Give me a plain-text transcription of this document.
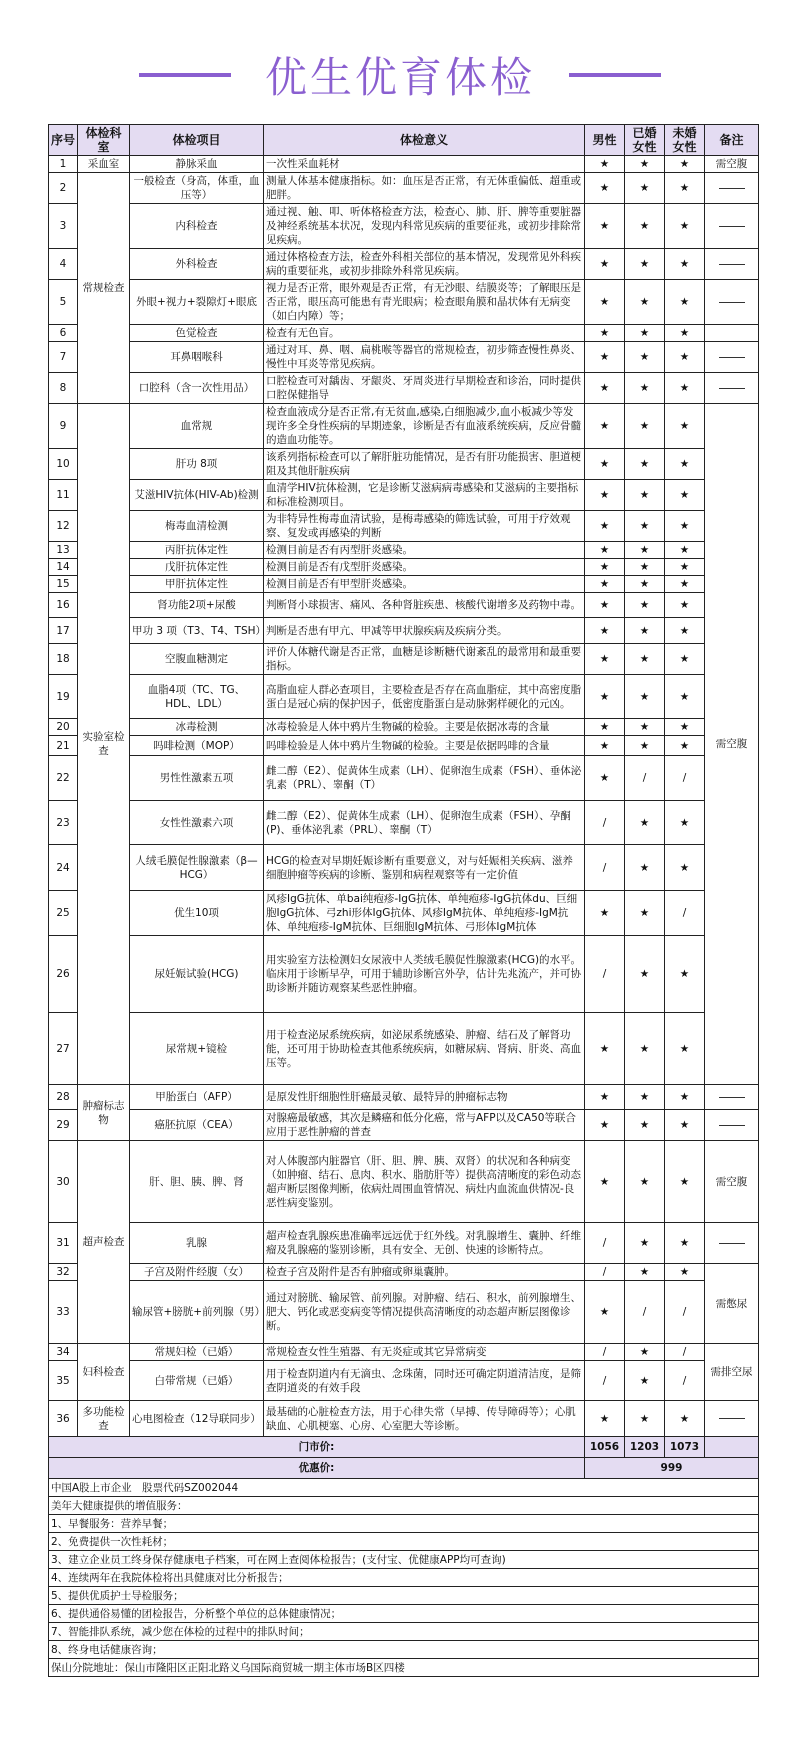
优生优育体检
序号	体检科室	体检项目	体检意义	男性	已婚女性	未婚女性	备注
1	采血室	静脉采血	一次性采血耗材	★	★	★	需空腹
2	常规检查	一般检查（身高，体重，血压等）	测量人体基本健康指标。如：血压是否正常，有无体重偏低、超重或肥胖。	★	★	★	

3		内科检查	通过视、触、叩、听体格检查方法，检查心、肺、肝、脾等重要脏器及神经系统基本状况，发现内科常见疾病的重要征兆，或初步排除常见疾病。	★	★	★	

4		外科检查	通过体格检查方法，检查外科相关部位的基本情况，发现常见外科疾病的重要征兆，或初步排除外科常见疾病。	★	★	★	

5		外眼+视力+裂隙灯+眼底	视力是否正常，眼外观是否正常，有无沙眼、结膜炎等；了解眼压是否正常，眼压高可能患有青光眼病；检查眼角膜和晶状体有无病变（如白内障）等；	★	★	★	

6		色觉检查	检查有无色盲。	★	★	★	
7		耳鼻咽喉科	通过对耳、鼻、咽、扁桃喉等器官的常规检查，初步筛查慢性鼻炎、慢性中耳炎等常见疾病。	★	★	★	

8		口腔科（含一次性用品）	口腔检查可对龋齿、牙龈炎、牙周炎进行早期检查和诊治，同时提供口腔保健指导	★	★	★	

9	实验室检查	血常规	检查血液成分是否正常,有无贫血,感染,白细胞减少,血小板减少等发现许多全身性疾病的早期迹象，诊断是否有血液系统疾病，反应骨髓的造血功能等。	★	★	★	需空腹
10		肝功 8项	该系列指标检查可以了解肝脏功能情况，是否有肝功能损害、胆道梗阻及其他肝脏疾病	★	★	★	
11		艾滋HIV抗体(HIV-Ab)检测	血清学HIV抗体检测，它是诊断艾滋病病毒感染和艾滋病的主要指标和标准检测项目。	★	★	★	
12		梅毒血清检测	为非特异性梅毒血清试验，是梅毒感染的筛选试验，可用于疗效观察、复发或再感染的判断	★	★	★	
13		丙肝抗体定性	检测目前是否有丙型肝炎感染。	★	★	★	
14		戊肝抗体定性	检测目前是否有戊型肝炎感染。	★	★	★	
15		甲肝抗体定性	检测目前是否有甲型肝炎感染。	★	★	★	
16		肾功能2项+尿酸	判断肾小球损害、痛风、各种肾脏疾患、核酸代谢增多及药物中毒。	★	★	★	
17		甲功 3 项（T3、T4、TSH）	判断是否患有甲亢、甲减等甲状腺疾病及疾病分类。	★	★	★	
18		空腹血糖测定	评价人体糖代谢是否正常，血糖是诊断糖代谢紊乱的最常用和最重要指标。	★	★	★	
19		血脂4项（TC、TG、HDL、LDL）	高脂血症人群必查项目，主要检查是否存在高血脂症，其中高密度脂蛋白是冠心病的保护因子，低密度脂蛋白是动脉粥样硬化的元凶。	★	★	★	
20		冰毒检测	冰毒检验是人体中鸦片生物碱的检验。主要是依据冰毒的含量	★	★	★	
21		吗啡检测（MOP）	吗啡检验是人体中鸦片生物碱的检验。主要是依据吗啡的含量	★	★	★	
22		男性性激素五项	雌二醇（E2）、促黄体生成素（LH）、促卵泡生成素（FSH）、垂体泌乳素（PRL）、睾酮（T）	★	/	/	
23		女性性激素六项	雌二醇（E2）、促黄体生成素（LH）、促卵泡生成素（FSH）、孕酮(P)、垂体泌乳素（PRL）、睾酮（T）	/	★	★	
24		人绒毛膜促性腺激素（β—HCG）	HCG的检查对早期妊娠诊断有重要意义，对与妊娠相关疾病、滋养细胞肿瘤等疾病的诊断、鉴别和病程观察等有一定价值	/	★	★	
25		优生10项	风疹IgG抗体、单bai纯疱疹-IgG抗体、单纯疱疹-IgG抗体du、巨细胞IgG抗体、弓zhi形体IgG抗体、风疹IgM抗体、单纯疱疹-IgM抗体、单纯疱疹-IgM抗体、巨细胞IgM抗体、弓形体IgM抗体	★	★	/	
26		尿妊娠试验(HCG)	用实验室方法检测妇女尿液中人类绒毛膜促性腺激素(HCG)的水平。临床用于诊断早孕，可用于辅助诊断宫外孕，估计先兆流产，并可协助诊断并随访观察某些恶性肿瘤。	/	★	★	
27		尿常规+镜检	用于检查泌尿系统疾病，如泌尿系统感染、肿瘤、结石及了解肾功能，还可用于协助检查其他系统疾病，如糖尿病、肾病、肝炎、高血压等。	★	★	★	
28	肿瘤标志物	甲胎蛋白（AFP）	是原发性肝细胞性肝癌最灵敏、最特异的肿瘤标志物	★	★	★	

29		癌胚抗原（CEA）	对腺癌最敏感，其次是鳞癌和低分化癌，常与AFP以及CA50等联合应用于恶性肿瘤的普查	★	★	★	

30	超声检查	肝、胆、胰、脾、肾	对人体腹部内脏器官（肝、胆、脾、胰、双肾）的状况和各种病变（如肿瘤、结石、息肉、积水、脂肪肝等）提供高清晰度的彩色动态超声断层图像判断，依病灶周围血管情况、病灶内血流血供情况-良恶性病变鉴别。	★	★	★	需空腹
31		乳腺	超声检查乳腺疾患准确率远远优于红外线。对乳腺增生、囊肿、纤维瘤及乳腺癌的鉴别诊断，具有安全、无创、快速的诊断特点。	/	★	★	

32		子宫及附件经腹（女）	检查子宫及附件是否有肿瘤或卵巢囊肿。	/	★	★	需憋尿
33		输尿管+膀胱+前列腺（男）	通过对膀胱、输尿管、前列腺。对肿瘤、结石、积水，前列腺增生、肥大、钙化或恶变病变等情况提供高清晰度的动态超声断层图像诊断。	★	/	/	
34	妇科检查	常规妇检（已婚）	常规检查女性生殖器、有无炎症或其它异常病变	/	★	/	需排空尿
35		白带常规（已婚）	用于检查阴道内有无滴虫、念珠菌，同时还可确定阴道清洁度，是筛查阴道炎的有效手段	/	★	/	
36	多功能检查	心电图检查（12导联同步）	最基础的心脏检查方法，用于心律失常（早搏、传导障碍等）；心肌缺血、心肌梗塞、心房、心室肥大等诊断。	★	★	★	

门市价:				1056	1203	1073	
优惠价:				999			
中国A股上市企业　股票代码SZ002044							
美年大健康提供的增值服务：							
1、早餐服务：营养早餐；							
2、免费提供一次性耗材；							
3、建立企业员工终身保存健康电子档案，可在网上查阅体检报告；(支付宝、优健康APP均可查询)							
4、连续两年在我院体检将出具健康对比分析报告；							
5、提供优质护士导检服务；							
6、提供通俗易懂的团检报告，分析整个单位的总体健康情况；							
7、智能排队系统，减少您在体检的过程中的排队时间；							
8、终身电话健康咨询；							
保山分院地址：保山市隆阳区正阳北路义乌国际商贸城一期主体市场B区四楼							
